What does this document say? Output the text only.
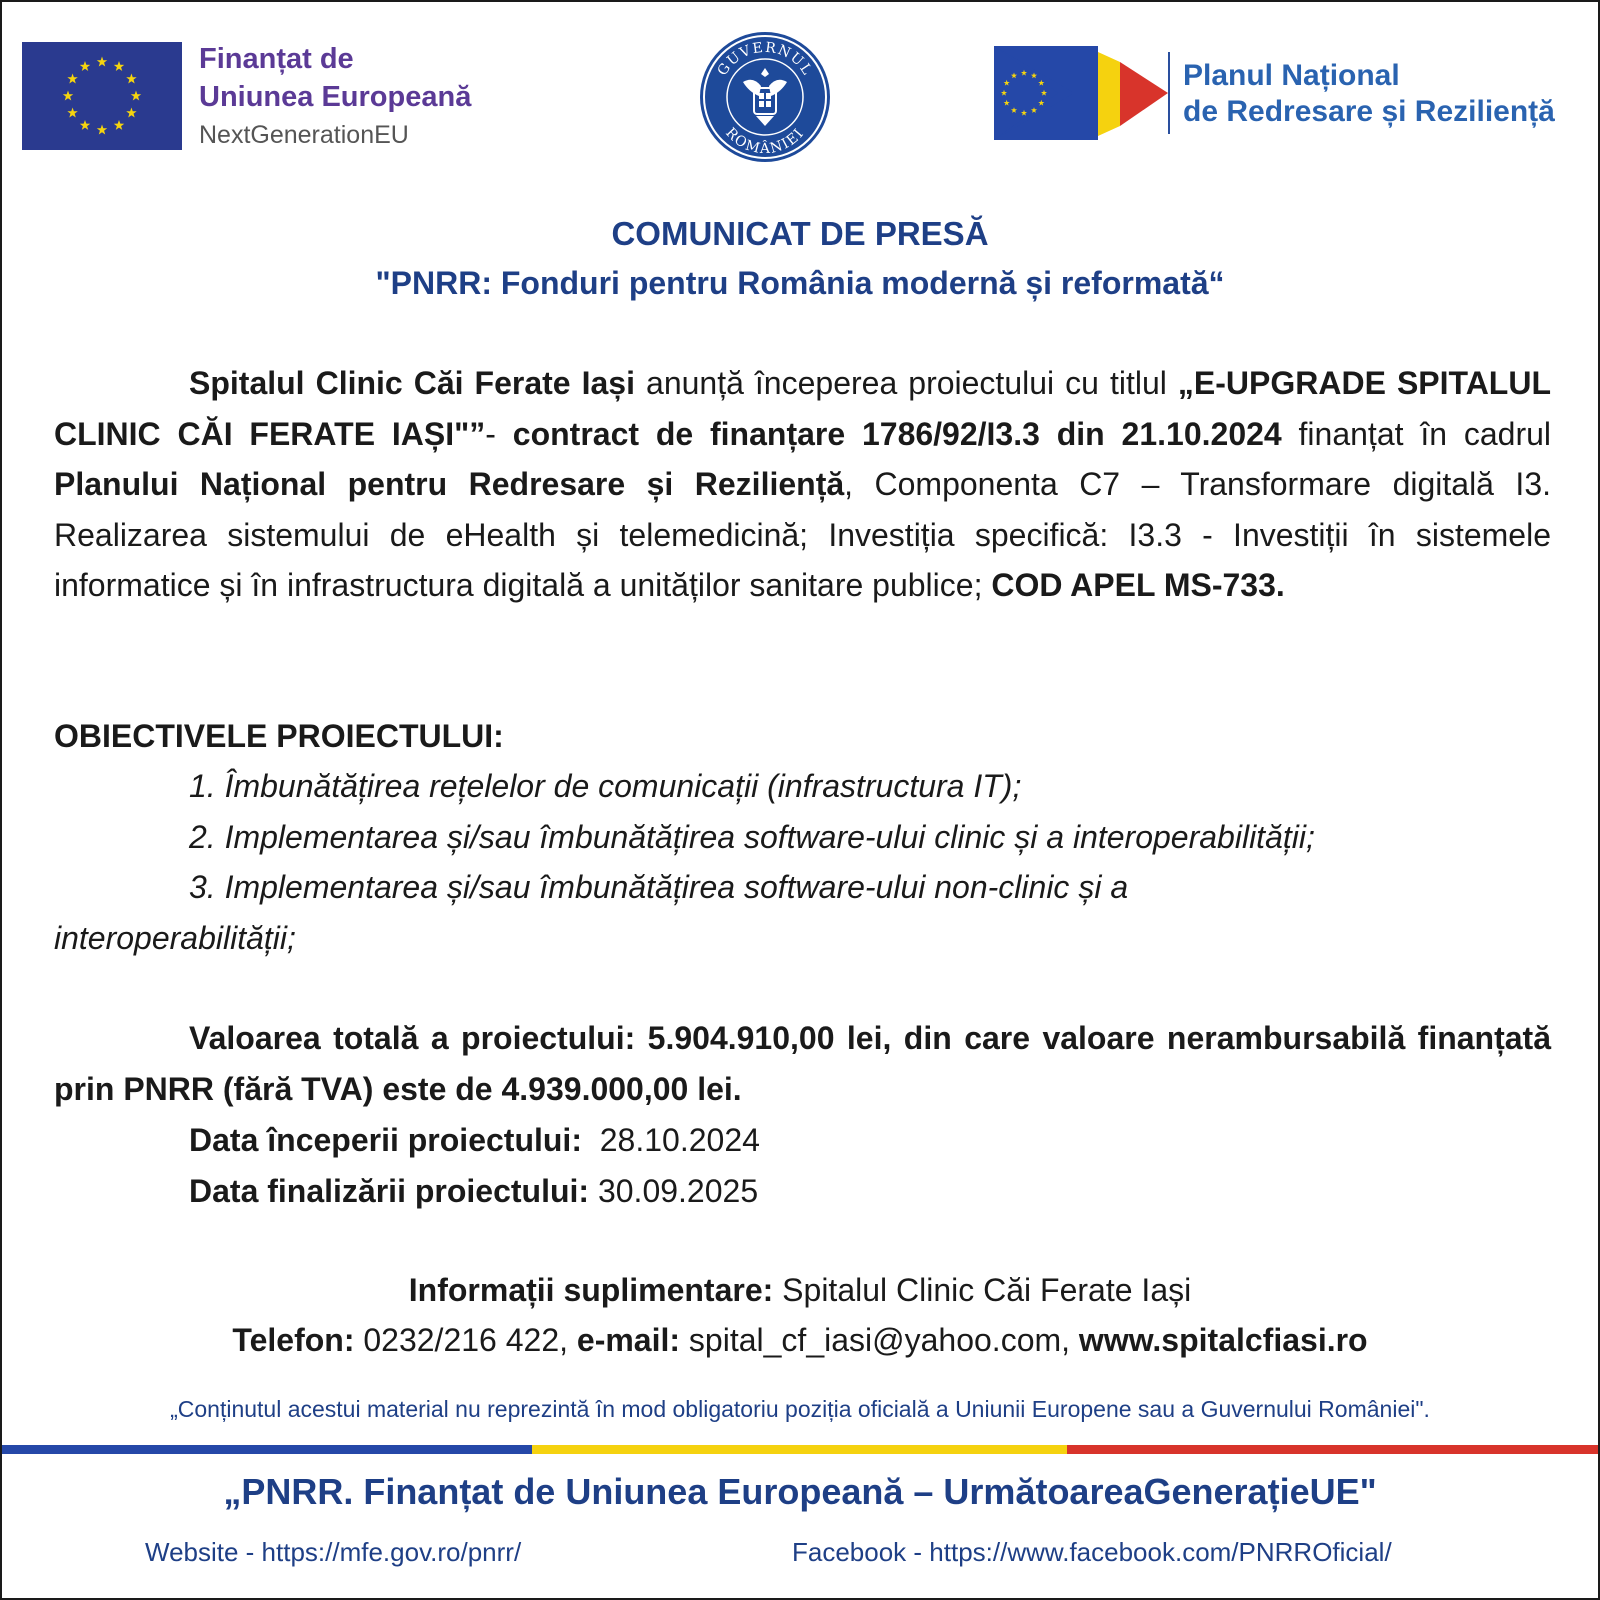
Finanțat de
Uniunea Europeană
NextGenerationEU
GUVERNUL
ROMÂNIEI
Planul Național
de Redresare și Reziliență
COMUNICAT DE PRESĂ
"PNRR: Fonduri pentru România modernă și reformată“
Spitalul Clinic Căi Ferate Iași anunță începerea proiectului cu titlul „E-UPGRADE SPITALUL CLINIC CĂI FERATE IAȘI"”- contract de finanțare 1786/92/I3.3 din 21.10.2024 finanțat în cadrul Planului Național pentru Redresare și Reziliență, Componenta C7 – Transformare digitală I3. Realizarea sistemului de eHealth și telemedicină; Investiția specifică: I3.3 - Investiții în sistemele informatice și în infrastructura digitală a unităților sanitare publice; COD APEL MS-733.
OBIECTIVELE PROIECTULUI:
1. Îmbunătățirea rețelelor de comunicații (infrastructura IT);
2. Implementarea și/sau îmbunătățirea software-ului clinic și a interoperabilității;
3. Implementarea și/sau îmbunătățirea software-ului non-clinic și a
interoperabilității;
Valoarea totală a proiectului: 5.904.910,00 lei, din care valoare nerambursabilă finanțată prin PNRR (fără TVA) este de 4.939.000,00 lei.
Data începerii proiectului: 28.10.2024
Data finalizării proiectului: 30.09.2025
Informații suplimentare: Spitalul Clinic Căi Ferate Iași
Telefon: 0232/216 422, e-mail: spital_cf_iasi@yahoo.com, www.spitalcfiasi.ro
„Conținutul acestui material nu reprezintă în mod obligatoriu poziția oficială a Uniunii Europene sau a Guvernului României".
„PNRR. Finanțat de Uniunea Europeană – UrmătoareaGenerațieUE"
Website - https://mfe.gov.ro/pnrr/	Facebook - https://www.facebook.com/PNRROficial/
